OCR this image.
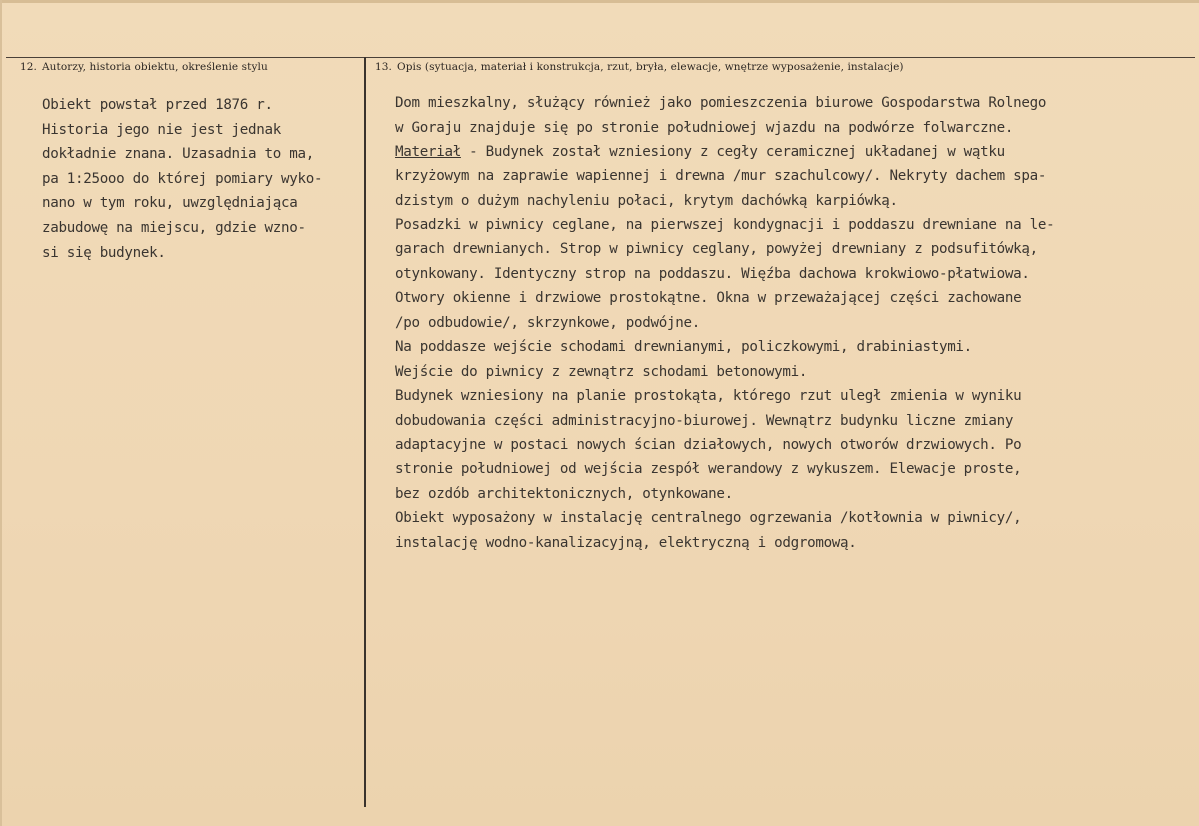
12. Autorzy, historia obiektu, określenie stylu	13. Opis (sytuacja, materiał i konstrukcja, rzut, bryła, elewacje, wnętrze wyposażenie, instalacje)
Obiekt powstał przed 1876 r.
Historia jego nie jest jednak
dokładnie znana. Uzasadnia to ma,
pa 1:25ooo do której pomiary wyko-
nano w tym roku, uwzględniająca
zabudowę na miejscu, gdzie wzno-
si się budynek.
Dom mieszkalny, służący również jako pomieszczenia biurowe Gospodarstwa Rolnego
w Goraju znajduje się po stronie południowej wjazdu na podwórze folwarczne.
Materiał - Budynek został wzniesiony z cegły ceramicznej układanej w wątku
krzyżowym na zaprawie wapiennej i drewna /mur szachulcowy/. Nekryty dachem spa-
dzistym o dużym nachyleniu połaci, krytym dachówką karpiówką.
Posadzki w piwnicy ceglane, na pierwszej kondygnacji i poddaszu drewniane na le-
garach drewnianych. Strop w piwnicy ceglany, powyżej drewniany z podsufitówką,
otynkowany. Identyczny strop na poddaszu. Więźba dachowa krokwiowo-płatwiowa.
Otwory okienne i drzwiowe prostokątne. Okna w przeważającej części zachowane
/po odbudowie/, skrzynkowe, podwójne.
Na poddasze wejście schodami drewnianymi, policzkowymi, drabiniastymi.
Wejście do piwnicy z zewnątrz schodami betonowymi.
Budynek wzniesiony na planie prostokąta, którego rzut uległ zmienia w wyniku
dobudowania części administracyjno-biurowej. Wewnątrz budynku liczne zmiany
adaptacyjne w postaci nowych ścian działowych, nowych otworów drzwiowych. Po
stronie południowej od wejścia zespół werandowy z wykuszem. Elewacje proste,
bez ozdób architektonicznych, otynkowane.
Obiekt wyposażony w instalację centralnego ogrzewania /kotłownia w piwnicy/,
instalację wodno-kanalizacyjną, elektryczną i odgromową.
